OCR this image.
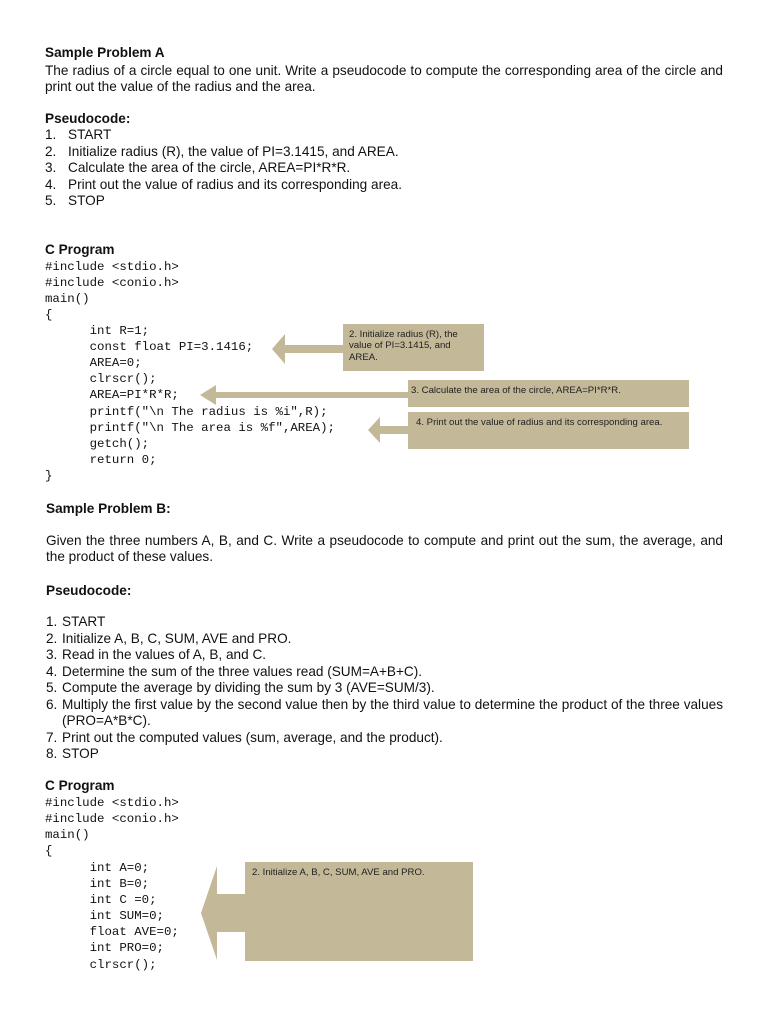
Sample Problem A
The radius of a circle equal to one unit. Write a pseudocode to compute the corresponding area of the circle and print out the value of the radius and the area.
Pseudocode:
1. START
2. Initialize radius (R), the value of PI=3.1415, and AREA.
3. Calculate the area of the circle, AREA=PI*R*R.
4. Print out the value of radius and its corresponding area.
5. STOP
C Program
#include <stdio.h>
#include <conio.h>
main()
{
int R=1;
const float PI=3.1416;
AREA=0;
clrscr();
AREA=PI*R*R;
printf("\n The radius is %i",R);
printf("\n The area is %f",AREA);
getch();
return 0;
}
2. Initialize radius (R), the value of PI=3.1415, and AREA.
3. Calculate the area of the circle, AREA=PI*R*R.
4. Print out the value of radius and its corresponding area.
Sample Problem B:
Given the three numbers A, B, and C. Write a pseudocode to compute and print out the sum, the average, and the product of these values.
Pseudocode:
1. START
2. Initialize A, B, C, SUM, AVE and PRO.
3. Read in the values of A, B, and C.
4. Determine the sum of the three values read (SUM=A+B+C).
5. Compute the average by dividing the sum by 3 (AVE=SUM/3).
6. Multiply the first value by the second value then by the third value to determine the product of the three values (PRO=A*B*C).
7. Print out the computed values (sum, average, and the product).
8. STOP
C Program
#include <stdio.h>
#include <conio.h>
main()
{
int A=0;
int B=0;
int C =0;
int SUM=0;
float AVE=0;
int PRO=0;
clrscr();
2. Initialize A, B, C, SUM, AVE and PRO.
